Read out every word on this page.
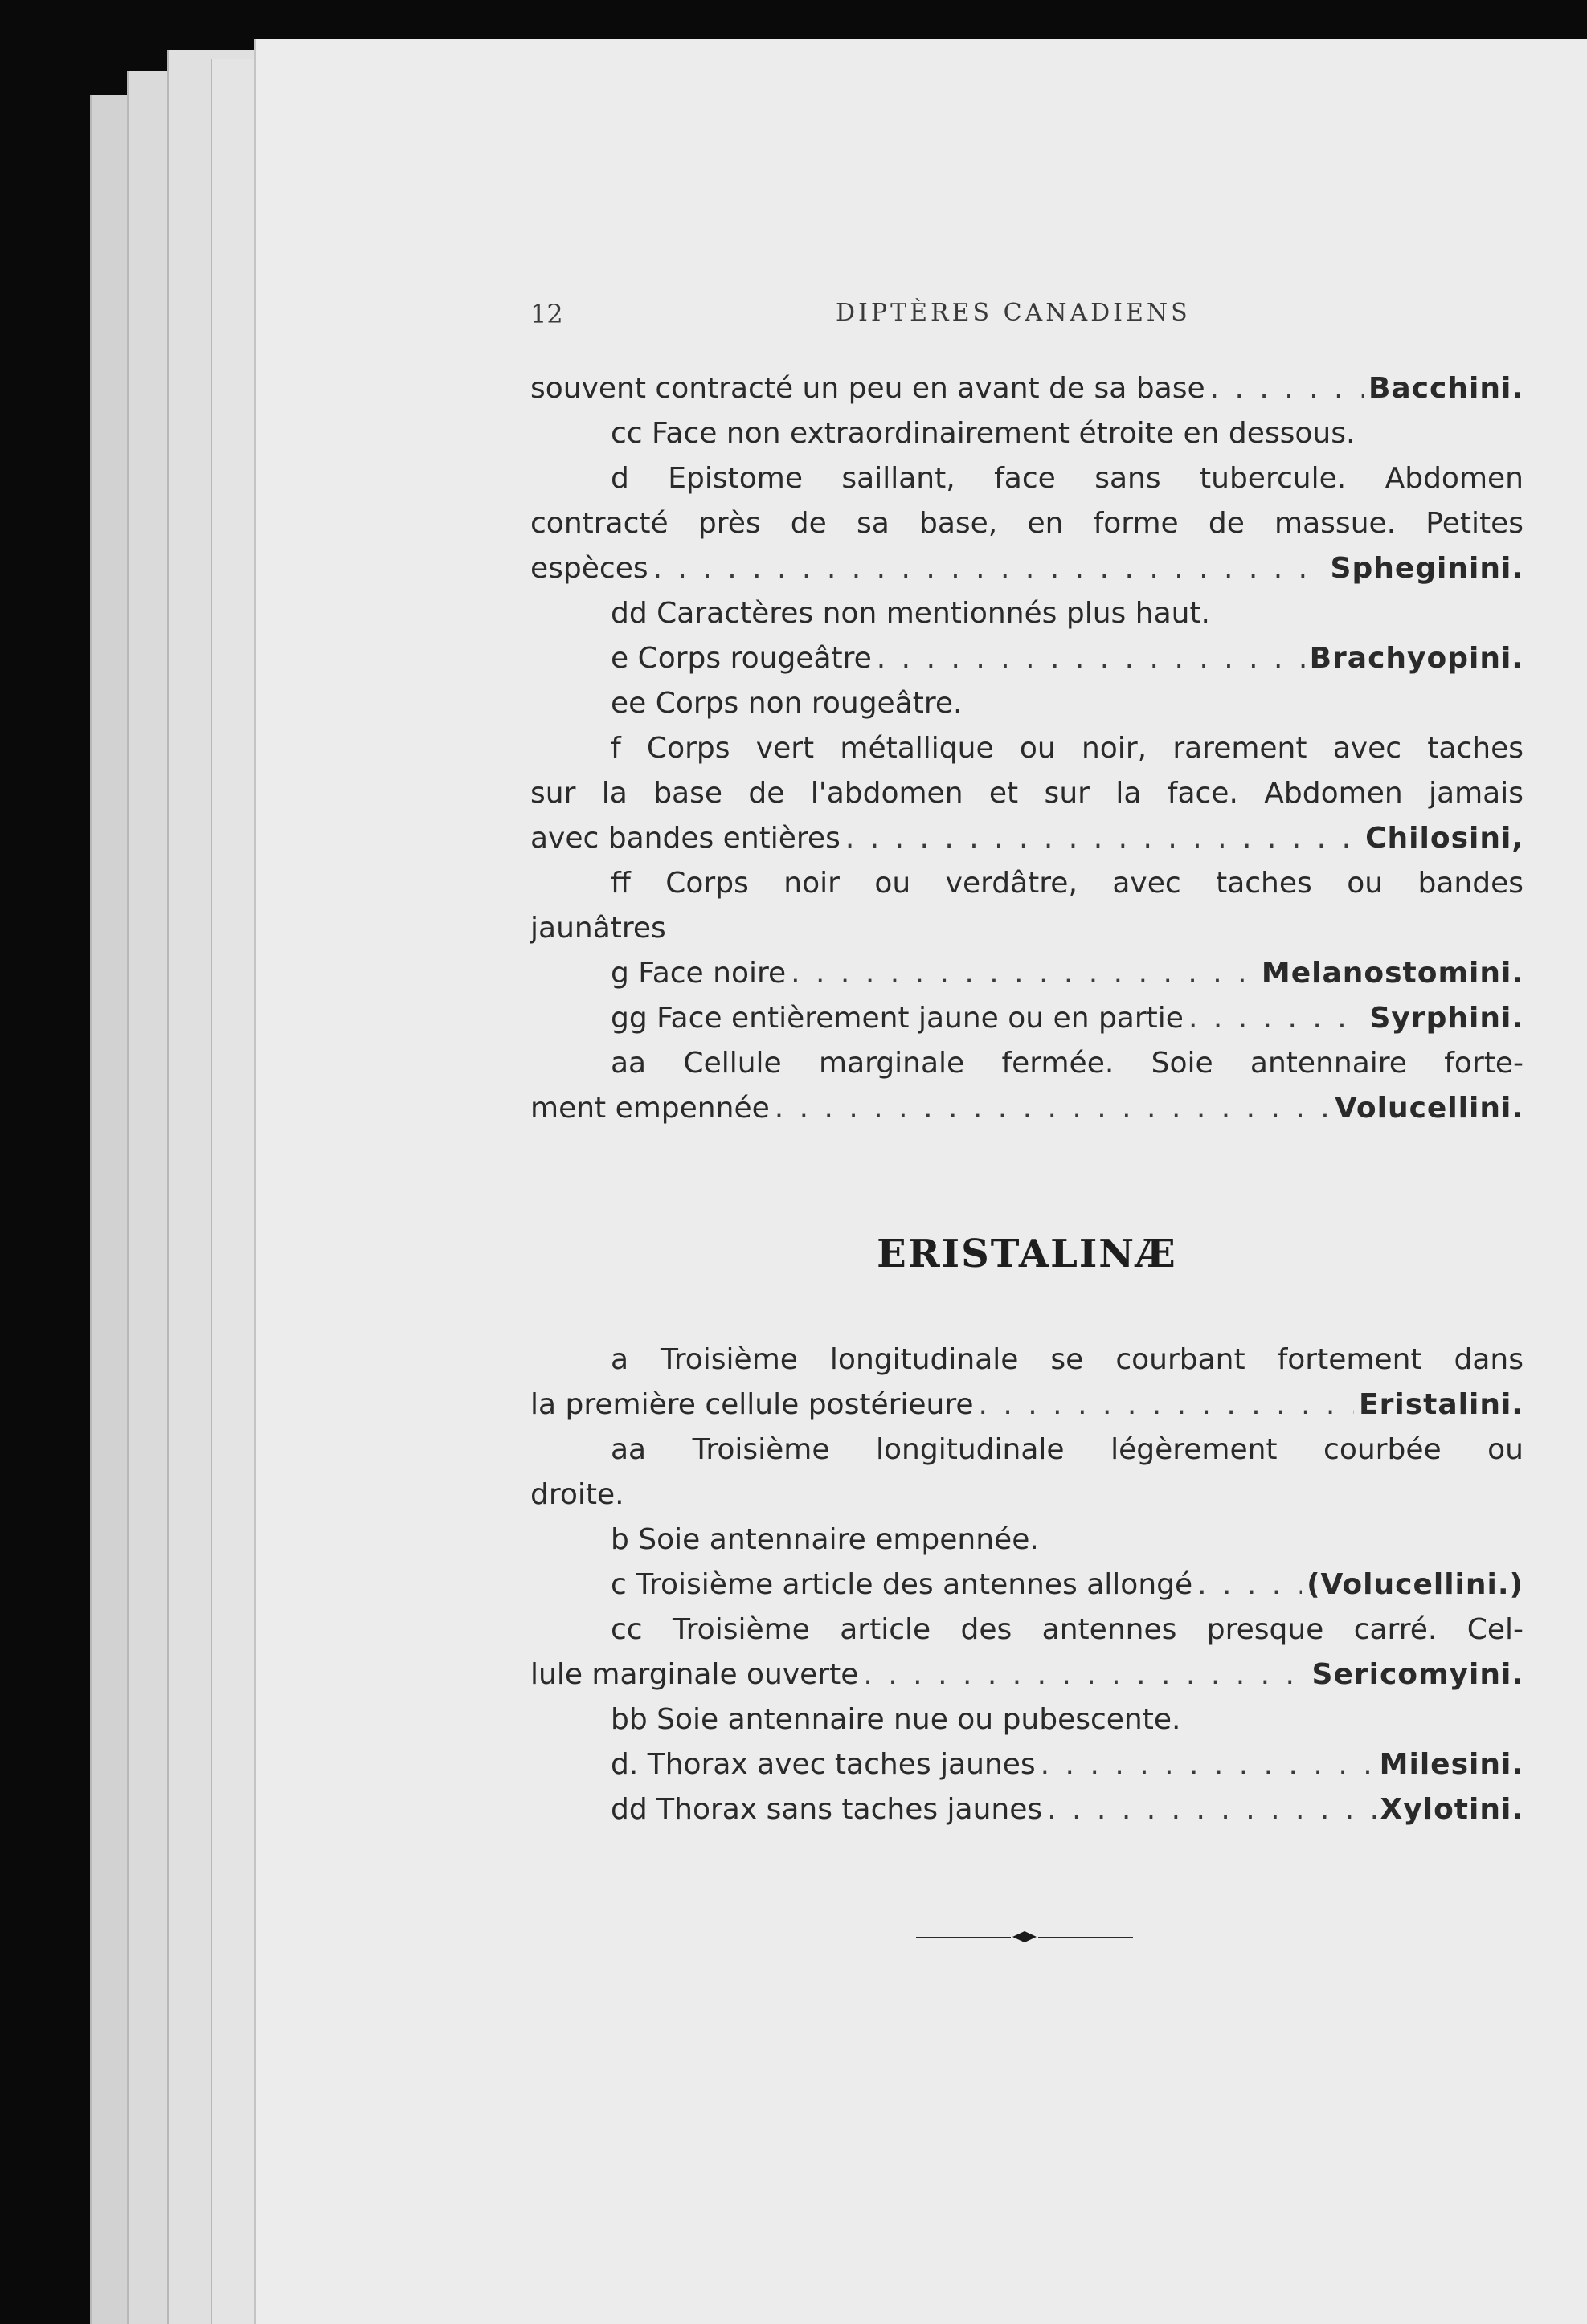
12	DIPTÈRES CANADIENS
souvent contracté un peu en avant de sa base . . .	Bacchini.
cc Face non extraordinairement étroite en dessous.
d Epistome saillant, face sans tubercule. Abdomen
contracté près de sa base, en forme de massue. Petites
espèces . . .	Spheginini.
dd Caractères non mentionnés plus haut.
e Corps rougeâtre . . .	Brachyopini.
ee Corps non rougeâtre.
f Corps vert métallique ou noir, rarement avec taches
sur la base de l'abdomen et sur la face. Abdomen jamais
avec bandes entières . . .	Chilosini,
ff Corps noir ou verdâtre, avec taches ou bandes
jaunâtres
g Face noire . . .	Melanostomini.
gg Face entièrement jaune ou en partie . . .	Syrphini.
aa Cellule marginale fermée. Soie antennaire forte-
ment empennée . . .	Volucellini.
ERISTALINÆ
a Troisième longitudinale se courbant fortement dans
la première cellule postérieure . . .	Eristalini.
aa Troisième longitudinale légèrement courbée ou
droite.
b Soie antennaire empennée.
c Troisième article des antennes allongé . . .	(Volucellini.)
cc Troisième article des antennes presque carré. Cel-
lule marginale ouverte . . .	Sericomyini.
bb Soie antennaire nue ou pubescente.
d. Thorax avec taches jaunes . . .	Milesini.
dd Thorax sans taches jaunes . . .	Xylotini.
